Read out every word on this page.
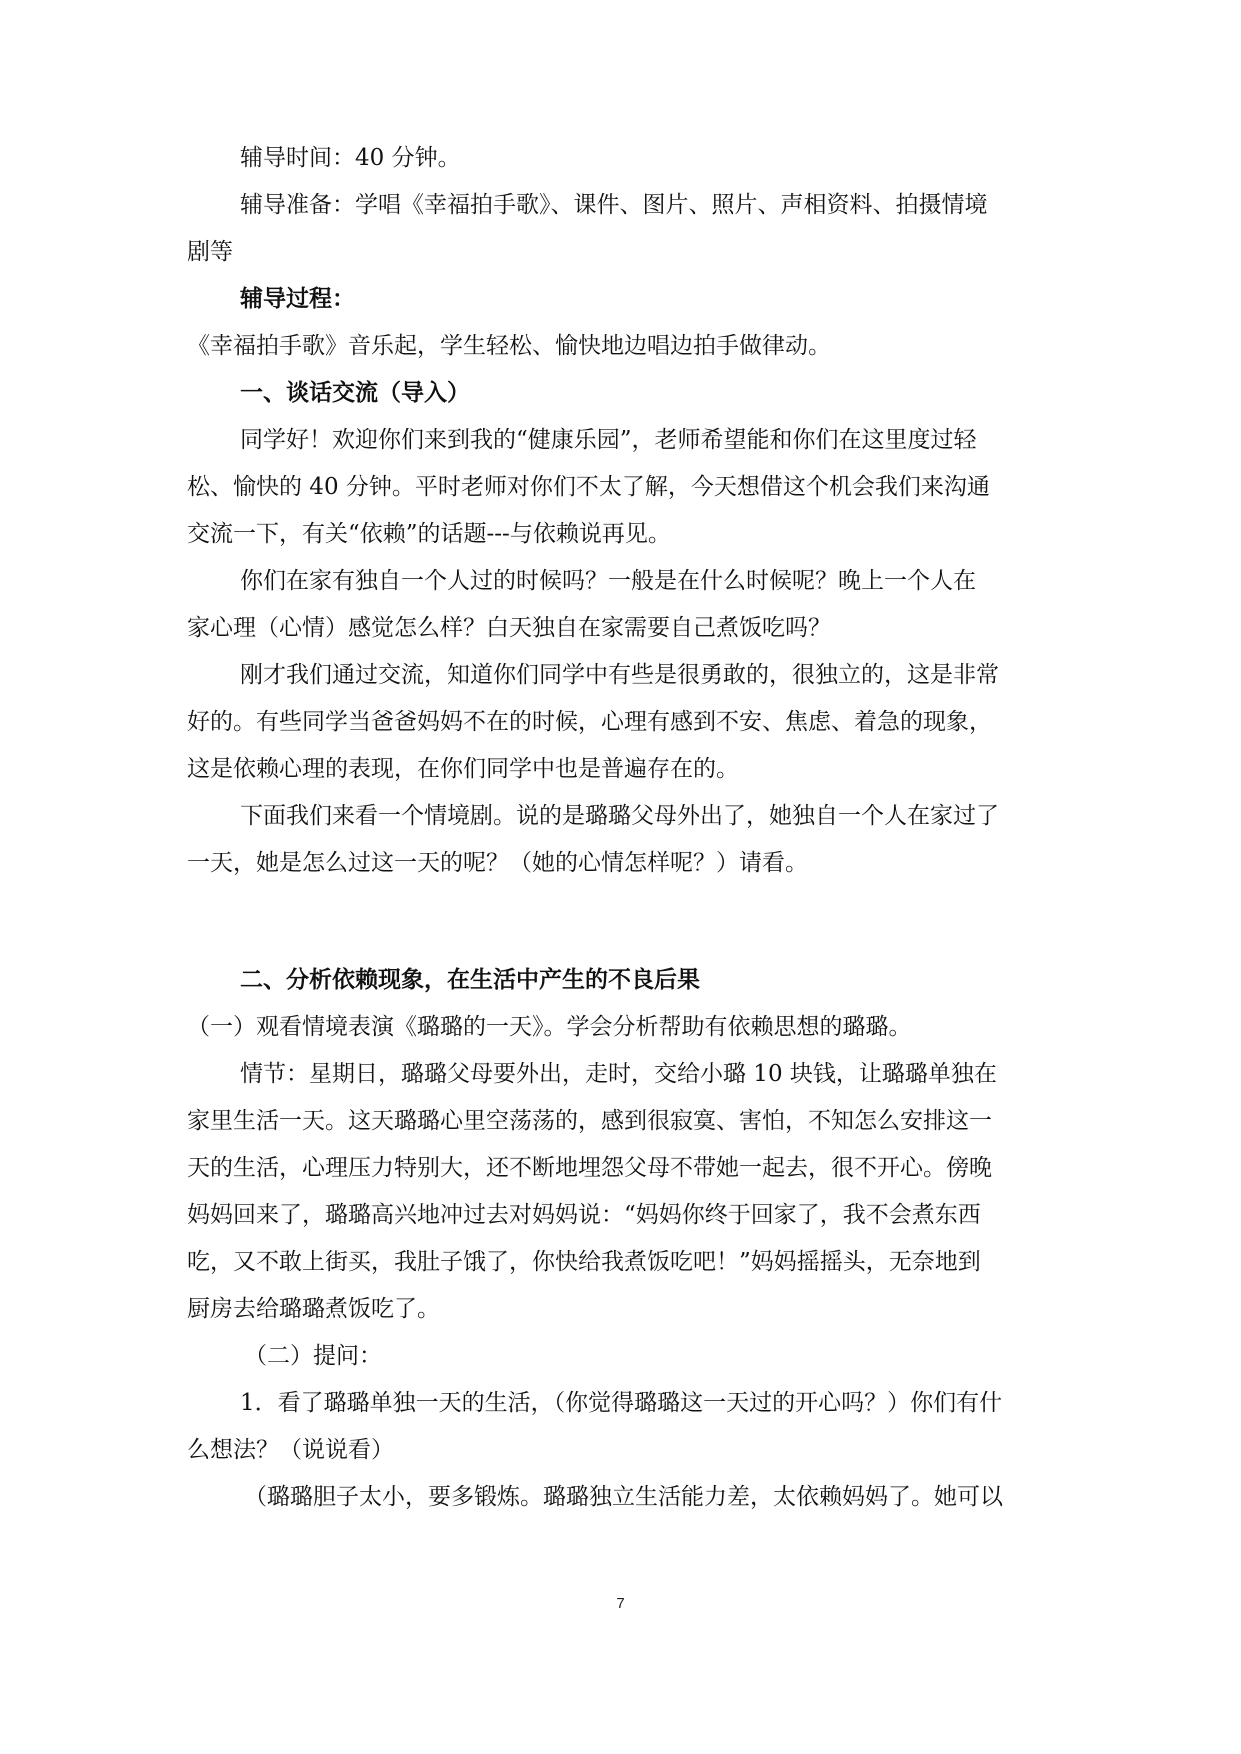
辅导时间：40 分钟。

辅导准备：学唱《幸福拍手歌》、课件、图片、照片、声相资料、拍摄情境

剧等

辅导过程：

《幸福拍手歌》音乐起，学生轻松、愉快地边唱边拍手做律动。

一、谈话交流（导入）

同学好！欢迎你们来到我的“健康乐园”，老师希望能和你们在这里度过轻

松、愉快的 40 分钟。平时老师对你们不太了解，今天想借这个机会我们来沟通

交流一下，有关“依赖”的话题---与依赖说再见。

你们在家有独自一个人过的时候吗？一般是在什么时候呢？晚上一个人在

家心理（心情）感觉怎么样？白天独自在家需要自己煮饭吃吗？

刚才我们通过交流，知道你们同学中有些是很勇敢的，很独立的，这是非常

好的。有些同学当爸爸妈妈不在的时候，心理有感到不安、焦虑、着急的现象，

这是依赖心理的表现，在你们同学中也是普遍存在的。

下面我们来看一个情境剧。说的是璐璐父母外出了，她独自一个人在家过了

一天，她是怎么过这一天的呢？（她的心情怎样呢？）请看。

二、分析依赖现象，在生活中产生的不良后果

（一）观看情境表演《璐璐的一天》。学会分析帮助有依赖思想的璐璐。

情节：星期日，璐璐父母要外出，走时，交给小璐 10 块钱，让璐璐单独在

家里生活一天。这天璐璐心里空荡荡的，感到很寂寞、害怕，不知怎么安排这一

天的生活，心理压力特别大，还不断地埋怨父母不带她一起去，很不开心。傍晚

妈妈回来了，璐璐高兴地冲过去对妈妈说：“妈妈你终于回家了，我不会煮东西

吃，又不敢上街买，我肚子饿了，你快给我煮饭吃吧！”妈妈摇摇头，无奈地到

厨房去给璐璐煮饭吃了。

（二）提问：

1．看了璐璐单独一天的生活，（你觉得璐璐这一天过的开心吗？）你们有什

么想法？（说说看）

（璐璐胆子太小，要多锻炼。璐璐独立生活能力差，太依赖妈妈了。她可以

7
